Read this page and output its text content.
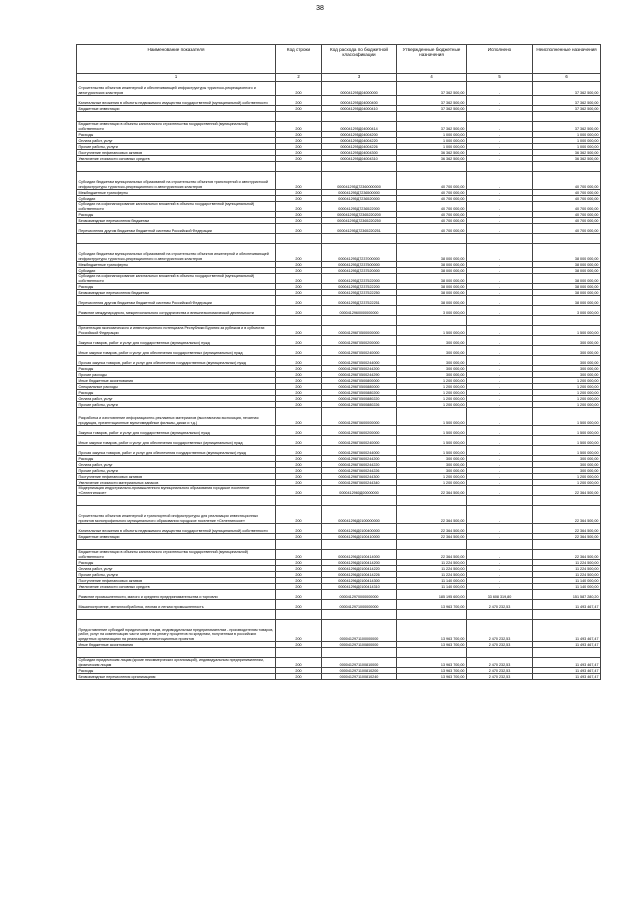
38
Наименование показателя	Код строки	Код расхода по бюджетной классификации	Утвержденные бюджетные назначения	Исполнено	Неисполненные назначения
1	2	3	4	5	6
Строительство объектов инженерной и обеспечивающей инфраструктуры туристско-рекреационного и автотуристских кластеров	200	000041295Д04000000	37 362 500,00	-	37 362 500,00
Капитальные вложения в объекты недвижимого имущества государственной (муниципальной) собственности	200	000041295Д04000400	37 362 500,00	-	37 362 500,00
Бюджетные инвестиции	200	000041295Д04000410	37 362 500,00	-	37 362 500,00

Бюджетные инвестиции в объекты капитального строительства государственной (муниципальной) собственности	200	000041295Д04000414	37 362 500,00	-	37 362 500,00
Расходы	200	000041295Д04004200	1 000 000,00	-	1 000 000,00
Оплата работ, услуг	200	000041295Д04004220	1 000 000,00	-	1 000 000,00
Прочие работы, услуги	200	000041295Д04004226	1 000 000,00	-	1 000 000,00
Поступление нефинансовых активов	200	000041295Д04004300	36 362 500,00	-	36 362 500,00
Увеличение стоимости основных средств	200	000041295Д04004310	36 362 500,00	-	36 362 500,00

Субсидии бюджетам муниципальных образований на строительство объектов транспортной и автотуристской инфраструктуры туристско-рекреационного и автотуристских кластеров	200	000041295Д72360000000	40 700 000,00	-	40 700 000,00
Межбюджетные трансферты	200	000041295Д7236500000	40 700 000,00	-	40 700 000,00
Субсидии	200	000041295Д7236520000	40 700 000,00	-	40 700 000,00
Субсидии на софинансирование капитальных вложений в объекты государственной (муниципальной) собственности	200	000041295Д7236522000	40 700 000,00	-	40 700 000,00
Расходы	200	000041295Д72365220200	40 700 000,00	-	40 700 000,00
Безвозмездные перечисления бюджетам	200	000041295Д72365220250	40 700 000,00	-	40 700 000,00
Перечисления другим бюджетам бюджетной системы Российской Федерации	200	000041295Д72365220251	40 700 000,00	-	40 700 000,00

Субсидии бюджетам муниципальных образований на строительство объектов инженерной и обеспечивающей инфраструктуры туристско-рекреационного и автотуристских кластеров	200	000041295Д7237000000	38 000 000,00	-	38 000 000,00
Межбюджетные трансферты	200	000041295Д7237500000	38 000 000,00	-	38 000 000,00
Субсидии	200	000041295Д7237520000	38 000 000,00	-	38 000 000,00
Субсидии на софинансирование капитальных вложений в объекты государственной (муниципальной) собственности	200	000041295Д7237522000	38 000 000,00	-	38 000 000,00
Расходы	200	000041295Д7237522200	38 000 000,00	-	38 000 000,00
Безвозмездные перечисления бюджетам	200	000041295Д7237522250	38 000 000,00	-	38 000 000,00
Перечисления другим бюджетам бюджетной системы Российской Федерации	200	000041295Д7237522251	38 000 000,00	-	38 000 000,00
Развитие международного, межрегионального сотрудничества и внешнеэкономической деятельности	200	0000412960000000000	3 000 000,00	-	3 000 000,00

Презентация экономического и инвестиционного потенциала Республики Бурятия за рубежом и в субъектах Российской Федерации	200	000041296Г0500000000	1 500 000,00	-	1 500 000,00
Закупка товаров, работ и услуг для государственных (муниципальных) нужд	200	000041296Г0500200000	300 000,00	-	300 000,00
Иные закупки товаров, работ и услуг для обеспечения государственных (муниципальных) нужд	200	000041296Г0500240000	300 000,00	-	300 000,00
Прочая закупка товаров, работ и услуг для обеспечения государственных (муниципальных) нужд	200	000041296Г0500244000	300 000,00	-	300 000,00
Расходы	200	000041296Г0500244200	300 000,00	-	300 000,00
Прочие расходы	200	000041296Г0500244290	300 000,00	-	300 000,00
Иные бюджетные ассигнования	200	000041296Г0500800000	1 200 000,00	-	1 200 000,00
Специальные расходы	200	000041296Г0500880000	1 200 000,00	-	1 200 000,00
Расходы	200	000041296Г0500880200	1 200 000,00	-	1 200 000,00
Оплата работ, услуг	200	000041296Г0500880220	1 200 000,00	-	1 200 000,00
Прочие работы, услуги	200	000041296Г0500880226	1 200 000,00	-	1 200 000,00
Разработка и изготовление информационно-рекламных материалов (выставочная экспозиция, печатная продукция, презентационные мультимедийные фильмы, диски и т.д.)	200	000041296Г0600000000	1 500 000,00	-	1 500 000,00
Закупка товаров, работ и услуг для государственных (муниципальных) нужд	200	000041296Г0600200000	1 500 000,00	-	1 500 000,00
Иные закупки товаров, работ и услуг для обеспечения государственных (муниципальных) нужд	200	000041296Г0600240000	1 500 000,00	-	1 500 000,00
Прочая закупка товаров, работ и услуг для обеспечения государственных (муниципальных) нужд	200	000041296Г0600244000	1 500 000,00	-	1 500 000,00
Расходы	200	000041296Г0600244200	300 000,00	-	300 000,00
Оплата работ, услуг	200	000041296Г0600244220	300 000,00	-	300 000,00
Прочие работы, услуги	200	000041296Г0600244226	300 000,00	-	300 000,00
Поступление нефинансовых активов	200	000041296Г0600244300	1 200 000,00	-	1 200 000,00
Увеличение стоимости материальных запасов	200	000041296Г0600244340	1 200 000,00	-	1 200 000,00
Модернизация индустриально-промышленного муниципального образования городское поселение «Селенгинское»	200	0000412960Д00000000	22 364 500,00	-	22 364 500,00

Строительство объектов инженерной и транспортной инфраструктуры для реализации инвестиционных проектов монопрофильного муниципального образования городское поселение «Селенгинское»	200	000041296Д0100000000	22 364 500,00	-	22 364 500,00
Капитальные вложения в объекты недвижимого имущества государственной (муниципальной) собственности	200	000041296Д0100400000	22 364 500,00	-	22 364 500,00
Бюджетные инвестиции	200	000041296Д0100410000	22 364 500,00	-	22 364 500,00

Бюджетные инвестиции в объекты капитального строительства государственной (муниципальной) собственности	200	000041296Д0100414000	22 364 500,00	-	22 364 500,00
Расходы	200	000041296Д0100414200	11 224 500,00	-	11 224 500,00
Оплата работ, услуг	200	000041296Д0100414220	11 224 500,00	-	11 224 500,00
Прочие работы, услуги	200	000041296Д0100414226	11 224 500,00	-	11 224 500,00
Поступление нефинансовых активов	200	000041296Д0100414300	11 140 000,00	-	11 140 000,00
Увеличение стоимости основных средств	200	000041296Д0100414310	11 140 000,00	-	11 140 000,00
Развитие промышленности, малого и среднего предпринимательства и торговли	200	0000412970000000000	185 195 600,00	33 608 319,80	151 587 280,20
Машиностроение, металлообработка, лесная и легкая промышленность	200	0000412971000000000	13 963 700,00	2 470 232,53	11 493 467,47

Предоставление субсидий юридическим лицам, индивидуальным предпринимателям - производителям товаров, работ, услуг на компенсацию части затрат на уплату процентов по кредитам, полученным в российских кредитных организациях на реализацию инвестиционных проектов	200	0000412971100000000	13 963 700,00	2 470 232,53	11 493 467,47
Иные бюджетные ассигнования	200	0000412971100800000	13 963 700,00	2 470 232,53	11 493 467,47

Субсидии юридическим лицам (кроме некоммерческих организаций), индивидуальным предпринимателям, физическим лицам	200	0000412971100810000	13 963 700,00	2 470 232,53	11 493 467,47
Расходы	200	0000412971100810200	13 963 700,00	2 470 232,53	11 493 467,47
Безвозмездные перечисления организациям	200	0000412971100810240	13 963 700,00	2 470 232,53	11 493 467,47
